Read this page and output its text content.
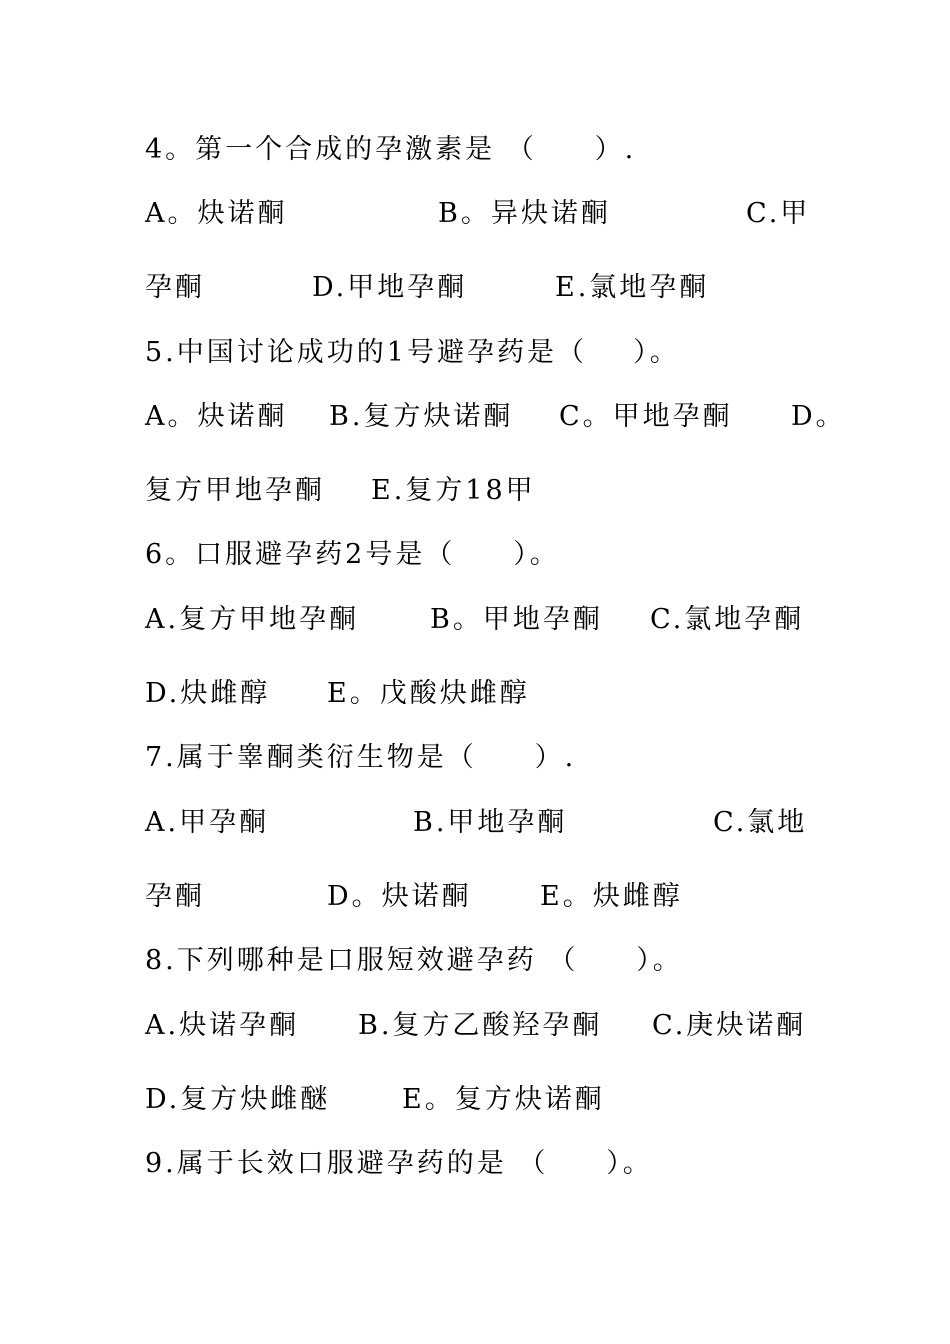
4。第一个合成的孕激素是 （     ）.

A。炔诺酮

	B。异炔诺酮

	C.甲

孕酮

	D.甲地孕酮

	E.氯地孕酮

5.中国讨论成功的1号避孕药是（    ）。

A。炔诺酮

B.复方炔诺酮

C。甲地孕酮

D。

复方甲地孕酮

E.复方18甲

6。口服避孕药2号是（     ）。

A.复方甲地孕酮

	B。甲地孕酮

C.氯地孕酮

D.炔雌醇

E。戊酸炔雌醇

7.属于睾酮类衍生物是（     ）.

A.甲孕酮

	B.甲地孕酮

	C.氯地

孕酮

	D。炔诺酮

	E。炔雌醇

8.下列哪种是口服短效避孕药 （     ）。

A.炔诺孕酮

B.复方乙酸羟孕酮

C.庚炔诺酮

D.复方炔雌醚

	E。复方炔诺酮

9.属于长效口服避孕药的是 （     ）。
